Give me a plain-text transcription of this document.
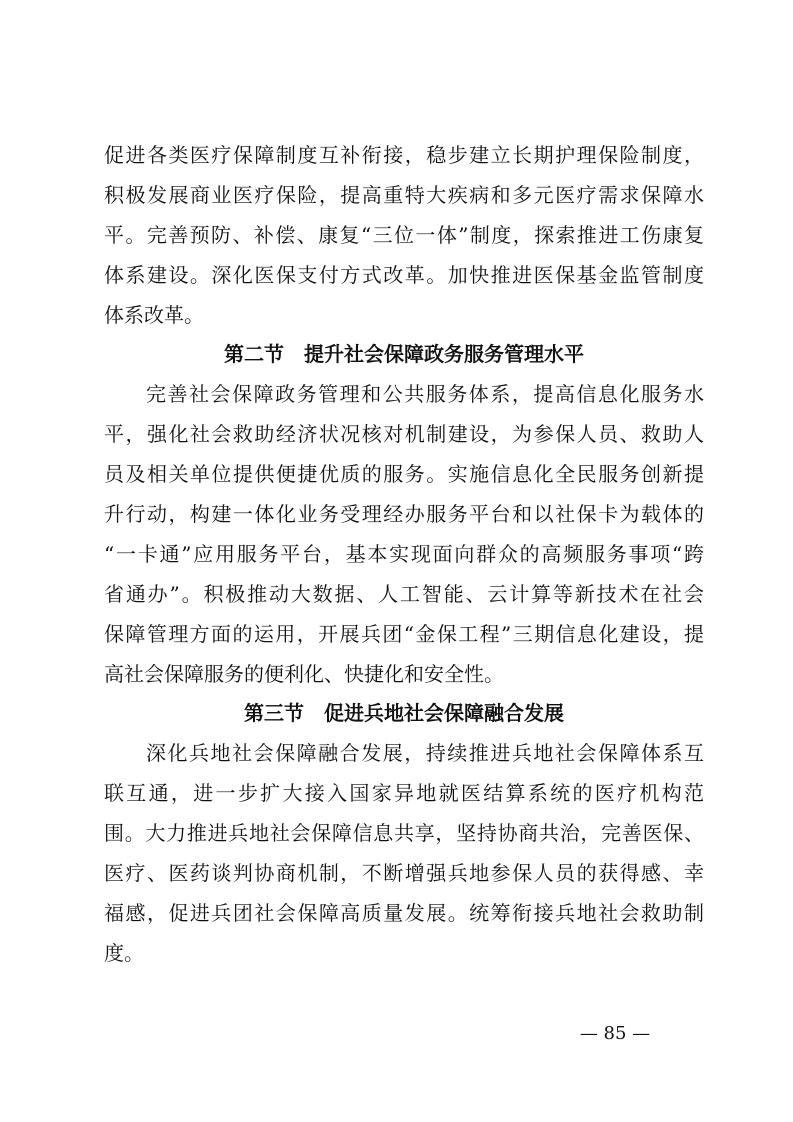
促进各类医疗保障制度互补衔接，稳步建立长期护理保险制度，
积极发展商业医疗保险，提高重特大疾病和多元医疗需求保障水
平。完善预防、补偿、康复“三位一体”制度，探索推进工伤康复
体系建设。深化医保支付方式改革。加快推进医保基金监管制度
体系改革。
第二节　提升社会保障政务服务管理水平
完善社会保障政务管理和公共服务体系，提高信息化服务水
平，强化社会救助经济状况核对机制建设，为参保人员、救助人
员及相关单位提供便捷优质的服务。实施信息化全民服务创新提
升行动，构建一体化业务受理经办服务平台和以社保卡为载体的
“一卡通”应用服务平台，基本实现面向群众的高频服务事项“跨
省通办”。积极推动大数据、人工智能、云计算等新技术在社会
保障管理方面的运用，开展兵团“金保工程”三期信息化建设，提
高社会保障服务的便利化、快捷化和安全性。
第三节　促进兵地社会保障融合发展
深化兵地社会保障融合发展，持续推进兵地社会保障体系互
联互通，进一步扩大接入国家异地就医结算系统的医疗机构范
围。大力推进兵地社会保障信息共享，坚持协商共治，完善医保、
医疗、医药谈判协商机制，不断增强兵地参保人员的获得感、幸
福感，促进兵团社会保障高质量发展。统筹衔接兵地社会救助制
度。
— 85 —
